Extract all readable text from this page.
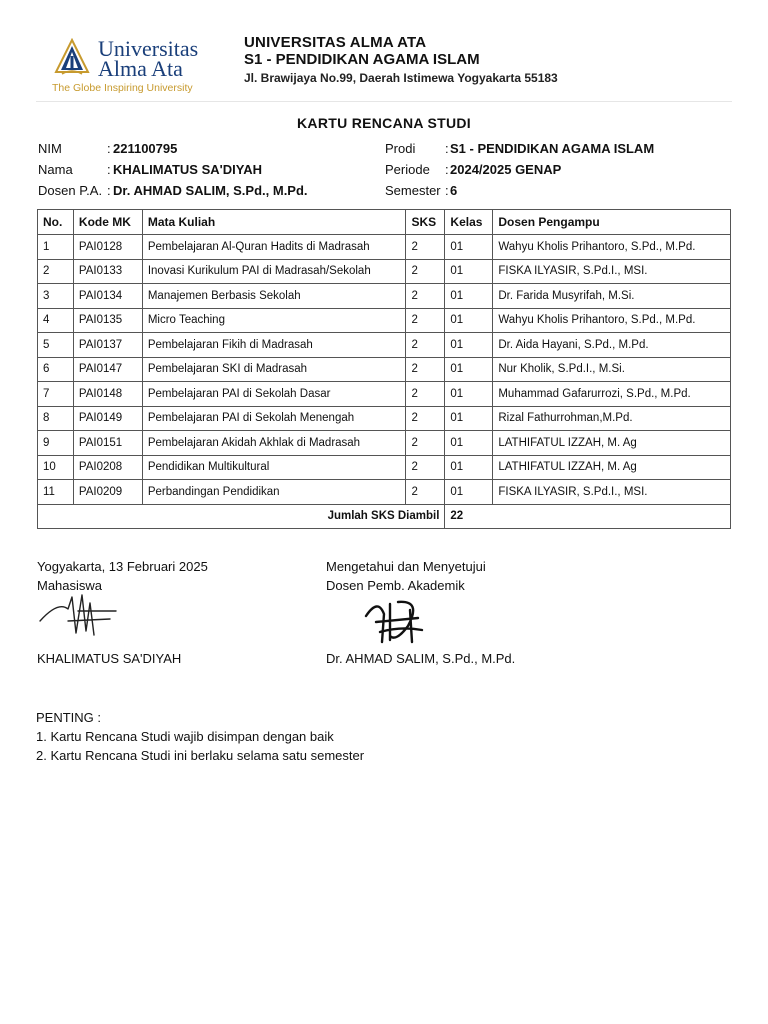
Universitas
Alma Ata
The Globe Inspiring University
UNIVERSITAS ALMA ATA
S1 - PENDIDIKAN AGAMA ISLAM
Jl. Brawijaya No.99, Daerah Istimewa Yogyakarta 55183
KARTU RENCANA STUDI
NIM	: 221100795
Nama	: KHALIMATUS SA'DIYAH
Dosen P.A. : Dr. AHMAD SALIM, S.Pd., M.Pd.
Prodi : S1 - PENDIDIKAN AGAMA ISLAM
Periode : 2024/2025 GENAP
Semester : 6
No.	Kode MK	Mata Kuliah	SKS	Kelas	Dosen Pengampu
1	PAI0128	Pembelajaran Al-Quran Hadits di Madrasah	2	01	Wahyu Kholis Prihantoro, S.Pd., M.Pd.
2	PAI0133	Inovasi Kurikulum PAI di Madrasah/Sekolah	2	01	FISKA ILYASIR, S.Pd.I., MSI.
3	PAI0134	Manajemen Berbasis Sekolah	2	01	Dr. Farida Musyrifah, M.Si.
4	PAI0135	Micro Teaching	2	01	Wahyu Kholis Prihantoro, S.Pd., M.Pd.
5	PAI0137	Pembelajaran Fikih di Madrasah	2	01	Dr. Aida Hayani, S.Pd., M.Pd.
6	PAI0147	Pembelajaran SKI di Madrasah	2	01	Nur Kholik, S.Pd.I., M.Si.
7	PAI0148	Pembelajaran PAI di Sekolah Dasar	2	01	Muhammad Gafarurrozi, S.Pd., M.Pd.
8	PAI0149	Pembelajaran PAI di Sekolah Menengah	2	01	Rizal Fathurrohman,M.Pd.
9	PAI0151	Pembelajaran Akidah Akhlak di Madrasah	2	01	LATHIFATUL IZZAH, M. Ag
10	PAI0208	Pendidikan Multikultural	2	01	LATHIFATUL IZZAH, M. Ag
11	PAI0209	Perbandingan Pendidikan	2	01	FISKA ILYASIR, S.Pd.I., MSI.
Jumlah SKS Diambil				22	
Yogyakarta, 13 Februari 2025
Mahasiswa
KHALIMATUS SA'DIYAH
Mengetahui dan Menyetujui
Dosen Pemb. Akademik
Dr. AHMAD SALIM, S.Pd., M.Pd.
PENTING :
1. Kartu Rencana Studi wajib disimpan dengan baik
2. Kartu Rencana Studi ini berlaku selama satu semester
